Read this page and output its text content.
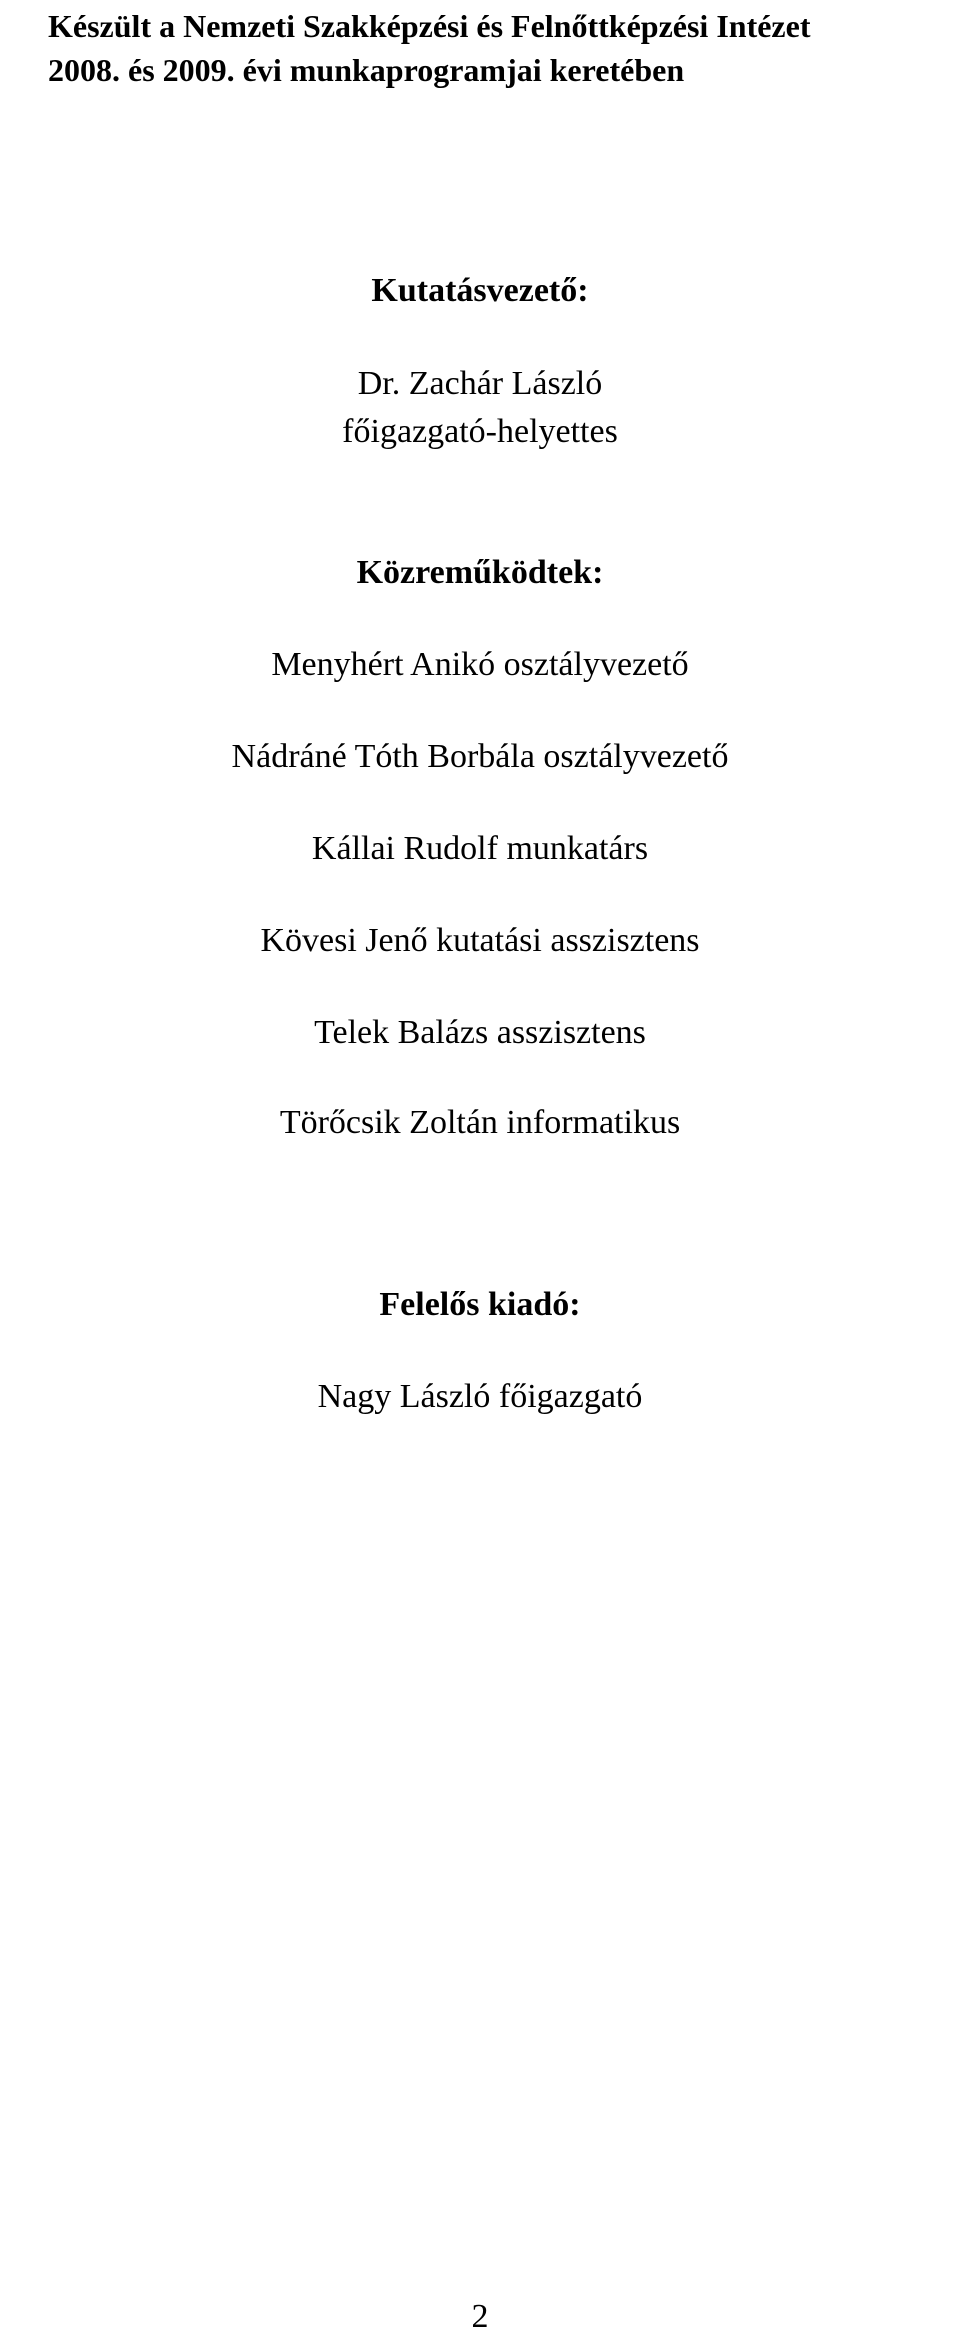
Készült a Nemzeti Szakképzési és Felnőttképzési Intézet
2008. és 2009. évi munkaprogramjai keretében
Kutatásvezető:
Dr. Zachár László
főigazgató-helyettes
Közreműködtek:
Menyhért Anikó osztályvezető
Nádráné Tóth Borbála osztályvezető
Kállai Rudolf munkatárs
Kövesi Jenő kutatási asszisztens
Telek Balázs asszisztens
Törőcsik Zoltán informatikus
Felelős kiadó:
Nagy László főigazgató
2
